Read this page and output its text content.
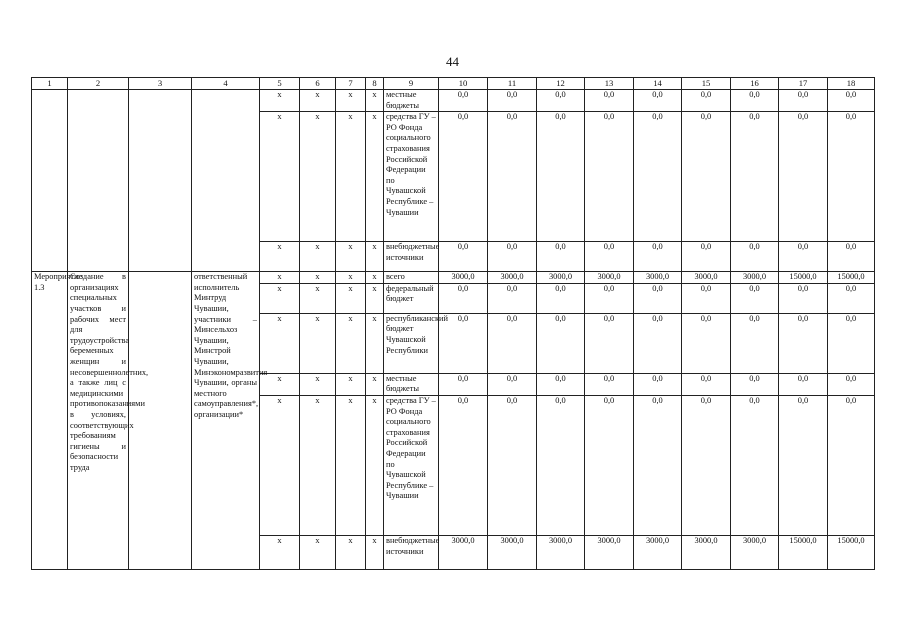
44
1	2	3	4	5	6	7	8	9	10	11	12	13	14	15	16	17	18
				х	х	х	х	местные бюджеты	0,0	0,0	0,0	0,0	0,0	0,0	0,0	0,0	0,0
				х	х	х	х	средства ГУ – РО Фонда социального страхования Российской Федерации по Чувашской Республике – Чувашии	0,0	0,0	0,0	0,0	0,0	0,0	0,0	0,0	0,0
				х	х	х	х	внебюджетные источники	0,0	0,0	0,0	0,0	0,0	0,0	0,0	0,0	0,0
Мероприятие 1.3	Создание в организациях специальных участков и рабочих мест для трудоустройства беременных женщин и несовершеннолетних, а также лиц с медицинскими противопоказаниями в условиях, соответствующих требованиям гигиены и безопасности труда		ответственный исполнитель Минтруд Чувашии, участники – Минсельхоз Чувашии, Минстрой Чувашии, Минэкономразвития Чувашии, органы местного самоуправления*, организации*	х	х	х	х	всего	3000,0	3000,0	3000,0	3000,0	3000,0	3000,0	3000,0	15000,0	15000,0
				х	х	х	х	федеральный бюджет	0,0	0,0	0,0	0,0	0,0	0,0	0,0	0,0	0,0
				х	х	х	х	республиканский бюджет Чувашской Республики	0,0	0,0	0,0	0,0	0,0	0,0	0,0	0,0	0,0
				х	х	х	х	местные бюджеты	0,0	0,0	0,0	0,0	0,0	0,0	0,0	0,0	0,0
				х	х	х	х	средства ГУ – РО Фонда социального страхования Российской Федерации по Чувашской Республике – Чувашии	0,0	0,0	0,0	0,0	0,0	0,0	0,0	0,0	0,0
				х	х	х	х	внебюджетные источники	3000,0	3000,0	3000,0	3000,0	3000,0	3000,0	3000,0	15000,0	15000,0
